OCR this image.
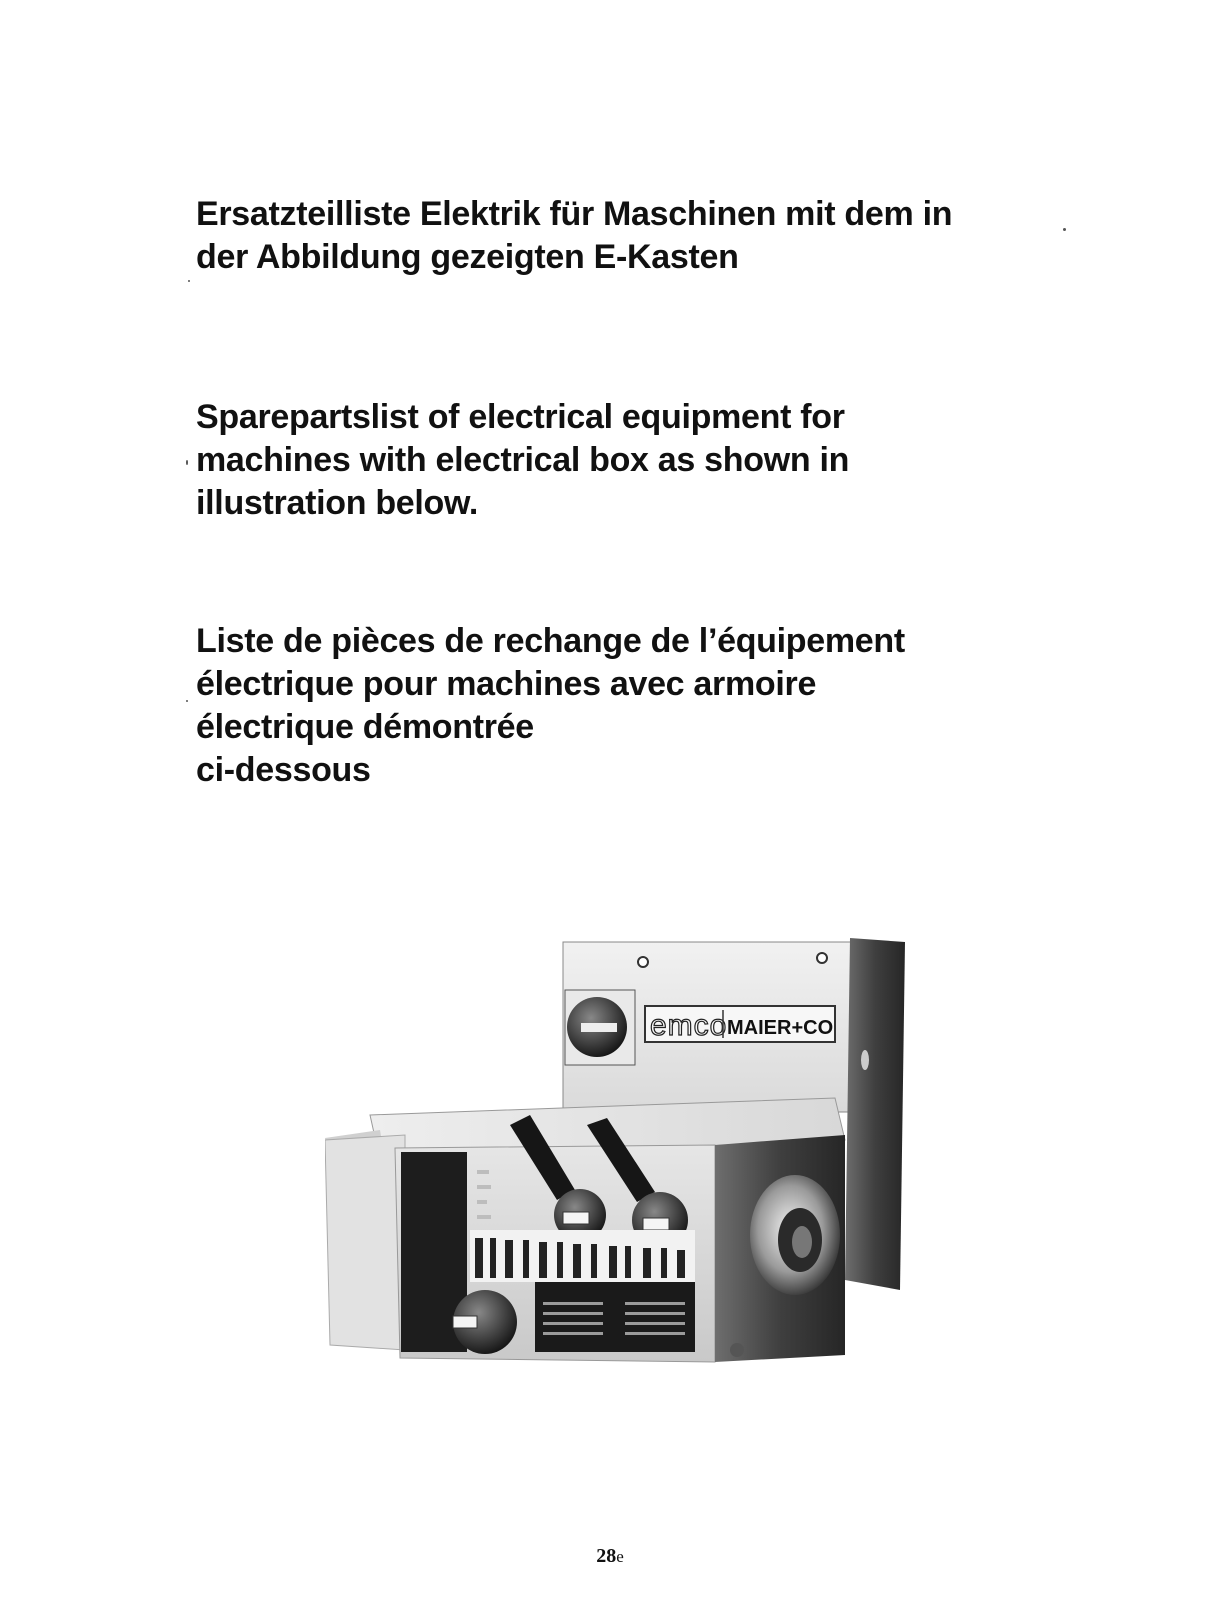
Ersatzteilliste Elektrik für Maschinen mit dem in
der Abbildung gezeigten E-Kasten
Sparepartslist of electrical equipment for
machines with electrical box as shown in
illustration below.
Liste de pièces de rechange de l’équipement
électrique pour machines avec armoire
électrique démontrée
ci-dessous
emco MAIER+CO
28e
